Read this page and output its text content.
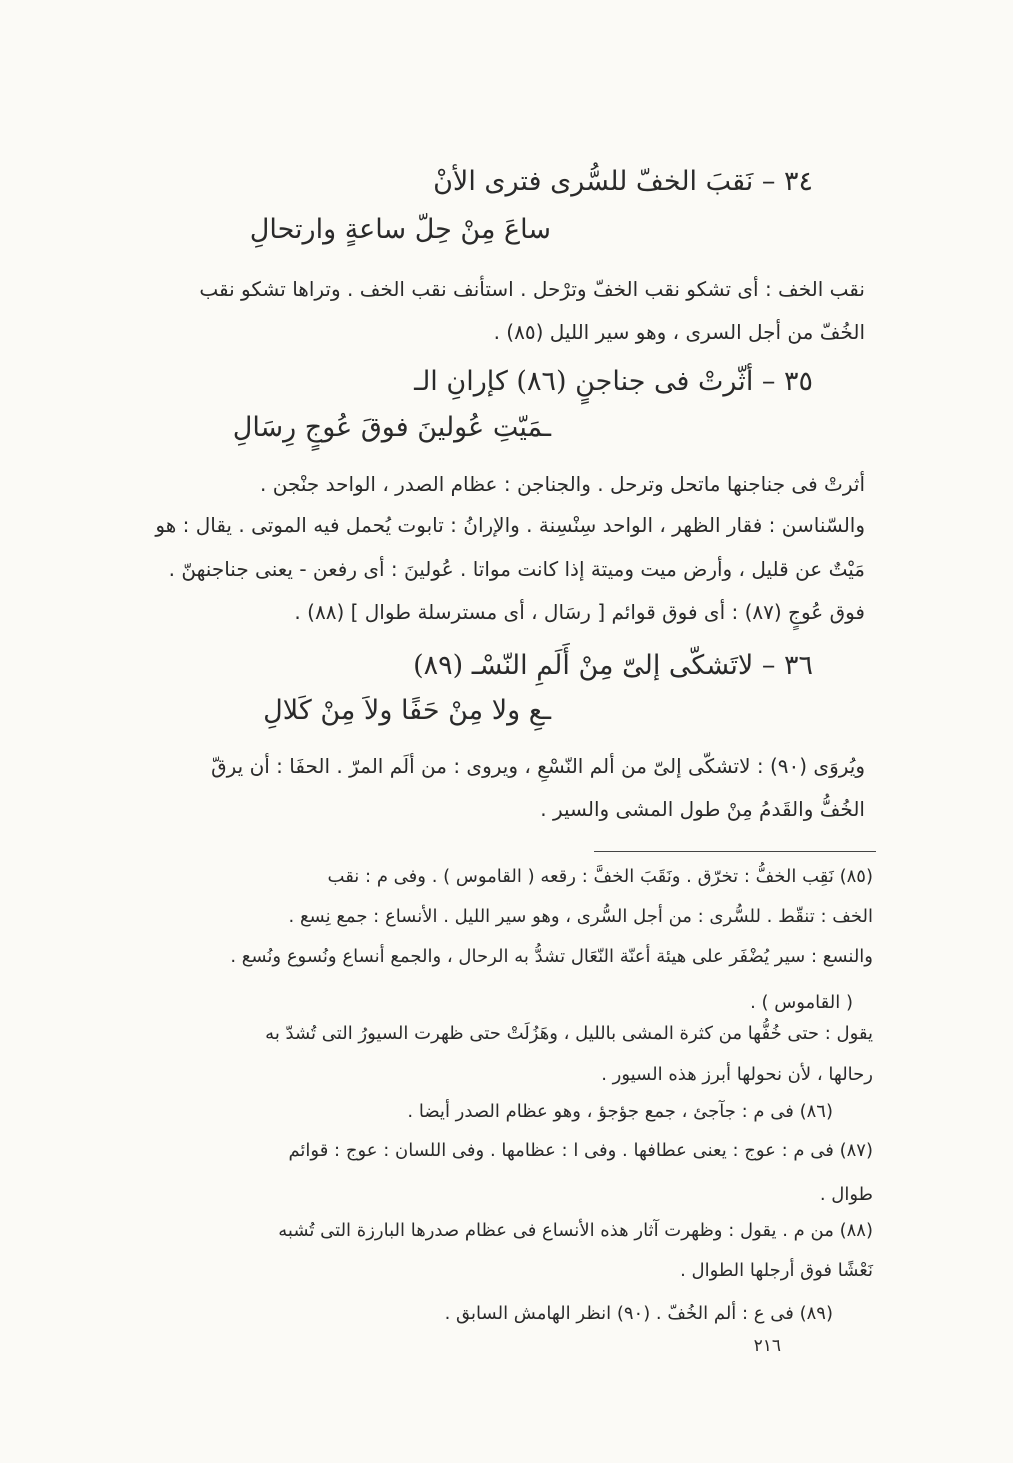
٣٤ – نَقبَ الخفّ للسُّرى فترى الأنْ
ساعَ مِنْ حِلّ ساعةٍ وارتحالِ
نقب الخف : أى تشكو نقب الخفّ وترْحل . استأنف نقب الخف . وتراها تشكو نقب
الخُفّ من أجل السرى ، وهو سير الليل (٨٥) .
٣٥ – أثّرتْ فى جناجنٍ (٨٦) كإرانِ الـ
ـمَيّتِ عُولينَ فوقَ عُوجٍ رِسَالِ
أثرتْ فى جناجنها ماتحل وترحل . والجناجن : عظام الصدر ، الواحد جنْجن .
والسّناسن : فقار الظهر ، الواحد سِنْسِنة . والإرانُ : تابوت يُحمل فيه الموتى . يقال : هو
مَيْتٌ عن قليل ، وأرض ميت وميتة إذا كانت مواتا . عُولينَ : أى رفعن - يعنى جناجنهنّ .
فوق عُوجٍ (٨٧) : أى فوق قوائم [ رسَال ، أى مسترسلة طوال ] (٨٨) .
٣٦ – لاتَشكّى إلىّ مِنْ أَلَمِ النّسْـ (٨٩)
ـعِ ولا مِنْ حَفًا ولاَ مِنْ كَلالِ
ويُروَى (٩٠) : لاتشكّى إلىّ من ألم النّسْعِ ، ويروى : من ألَم المرّ . الحفَا : أن يرقّ
الخُفُّ والقَدمُ مِنْ طول المشى والسير .
(٨٥) نَقِب الخفُّ : تخرّق . ونَقَبَ الخفَّ : رقعه ( القاموس ) . وفى م : نقب
الخف : تنقّط . للسُّرى : من أجل السُّرى ، وهو سير الليل . الأنساع : جمع نِسع .
والنسع : سير يُضْفَر على هيئة أعنّة النّعَال تشدُّ به الرحال ، والجمع أنساع ونُسوع ونُسع .
( القاموس ) .
يقول : حتى خُفُّها من كثرة المشى بالليل ، وهَزُلَتْ حتى ظهرت السيورُ التى تُشدّ به
رحالها ، لأن نحولها أبرز هذه السيور .
(٨٦) فى م : جآجئ ، جمع جؤجؤ ، وهو عظام الصدر أيضا .
(٨٧) فى م : عوج : يعنى عطافها . وفى ا : عظامها . وفى اللسان : عوج : قوائم
طوال .
(٨٨) من م . يقول : وظهرت آثار هذه الأنساع فى عظام صدرها البارزة التى تُشبه
نَعْشًا فوق أرجلها الطوال .
(٨٩) فى ع : ألم الخُفّ . (٩٠) انظر الهامش السابق .
٢١٦
